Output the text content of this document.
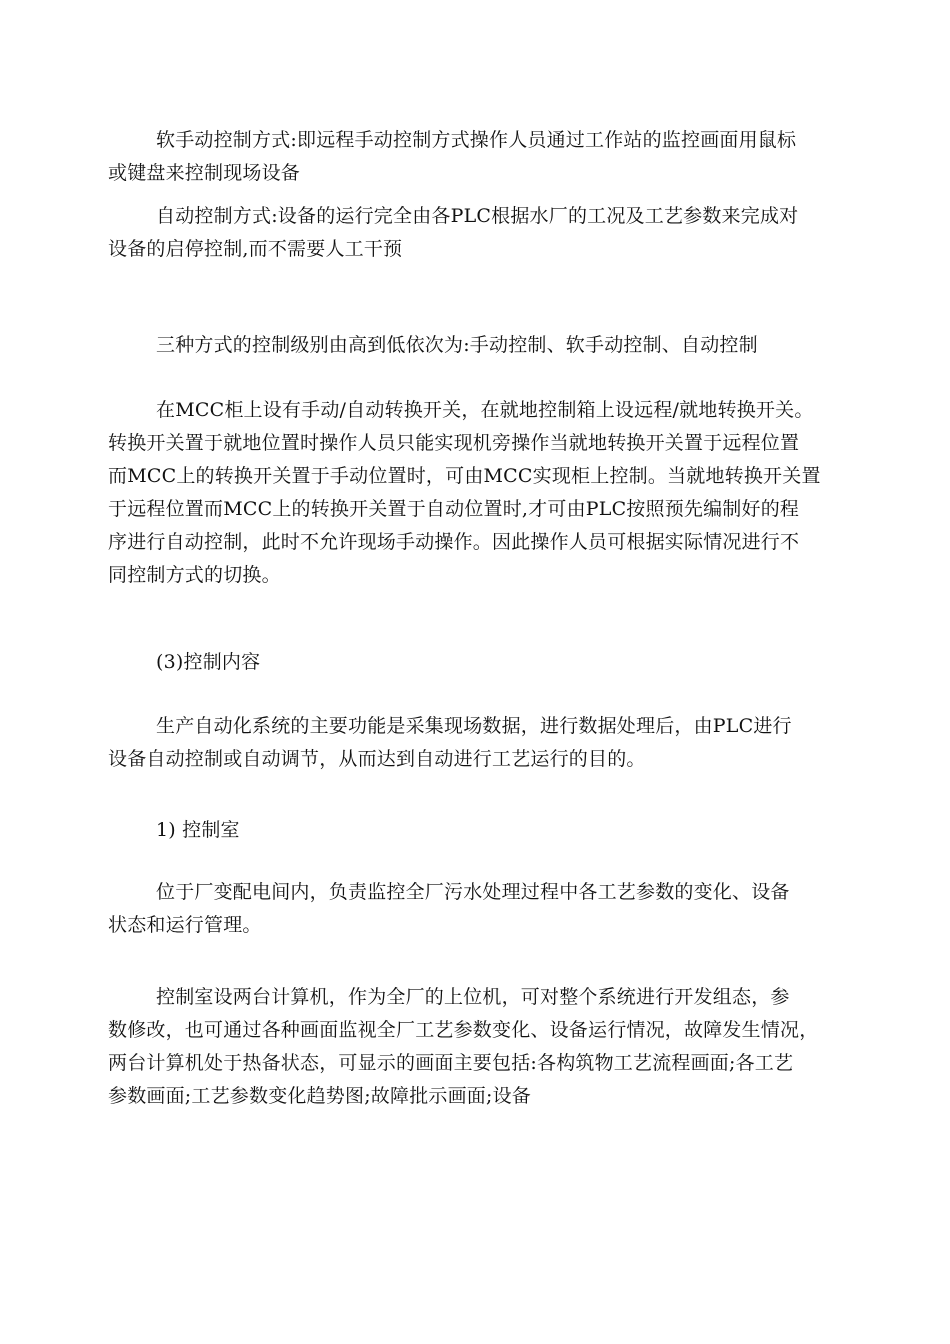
软手动控制方式:即远程手动控制方式操作人员通过工作站的监控画面用鼠标
或键盘来控制现场设备
自动控制方式:设备的运行完全由各PLC根据水厂的工况及工艺参数来完成对
设备的启停控制,而不需要人工干预
三种方式的控制级别由高到低依次为:手动控制、软手动控制、自动控制
在MCC柜上设有手动/自动转换开关，在就地控制箱上设远程/就地转换开关。
转换开关置于就地位置时操作人员只能实现机旁操作当就地转换开关置于远程位置
而MCC上的转换开关置于手动位置时，可由MCC实现柜上控制。当就地转换开关置
于远程位置而MCC上的转换开关置于自动位置时,才可由PLC按照预先编制好的程
序进行自动控制，此时不允许现场手动操作。因此操作人员可根据实际情况进行不
同控制方式的切换。
(3)控制内容
生产自动化系统的主要功能是采集现场数据，进行数据处理后，由PLC进行
设备自动控制或自动调节，从而达到自动进行工艺运行的目的。
1) 控制室
位于厂变配电间内，负责监控全厂污水处理过程中各工艺参数的变化、设备
状态和运行管理。
控制室设两台计算机，作为全厂的上位机，可对整个系统进行开发组态，参
数修改，也可通过各种画面监视全厂工艺参数变化、设备运行情况，故障发生情况，
两台计算机处于热备状态，可显示的画面主要包括:各构筑物工艺流程画面;各工艺
参数画面;工艺参数变化趋势图;故障批示画面;设备
